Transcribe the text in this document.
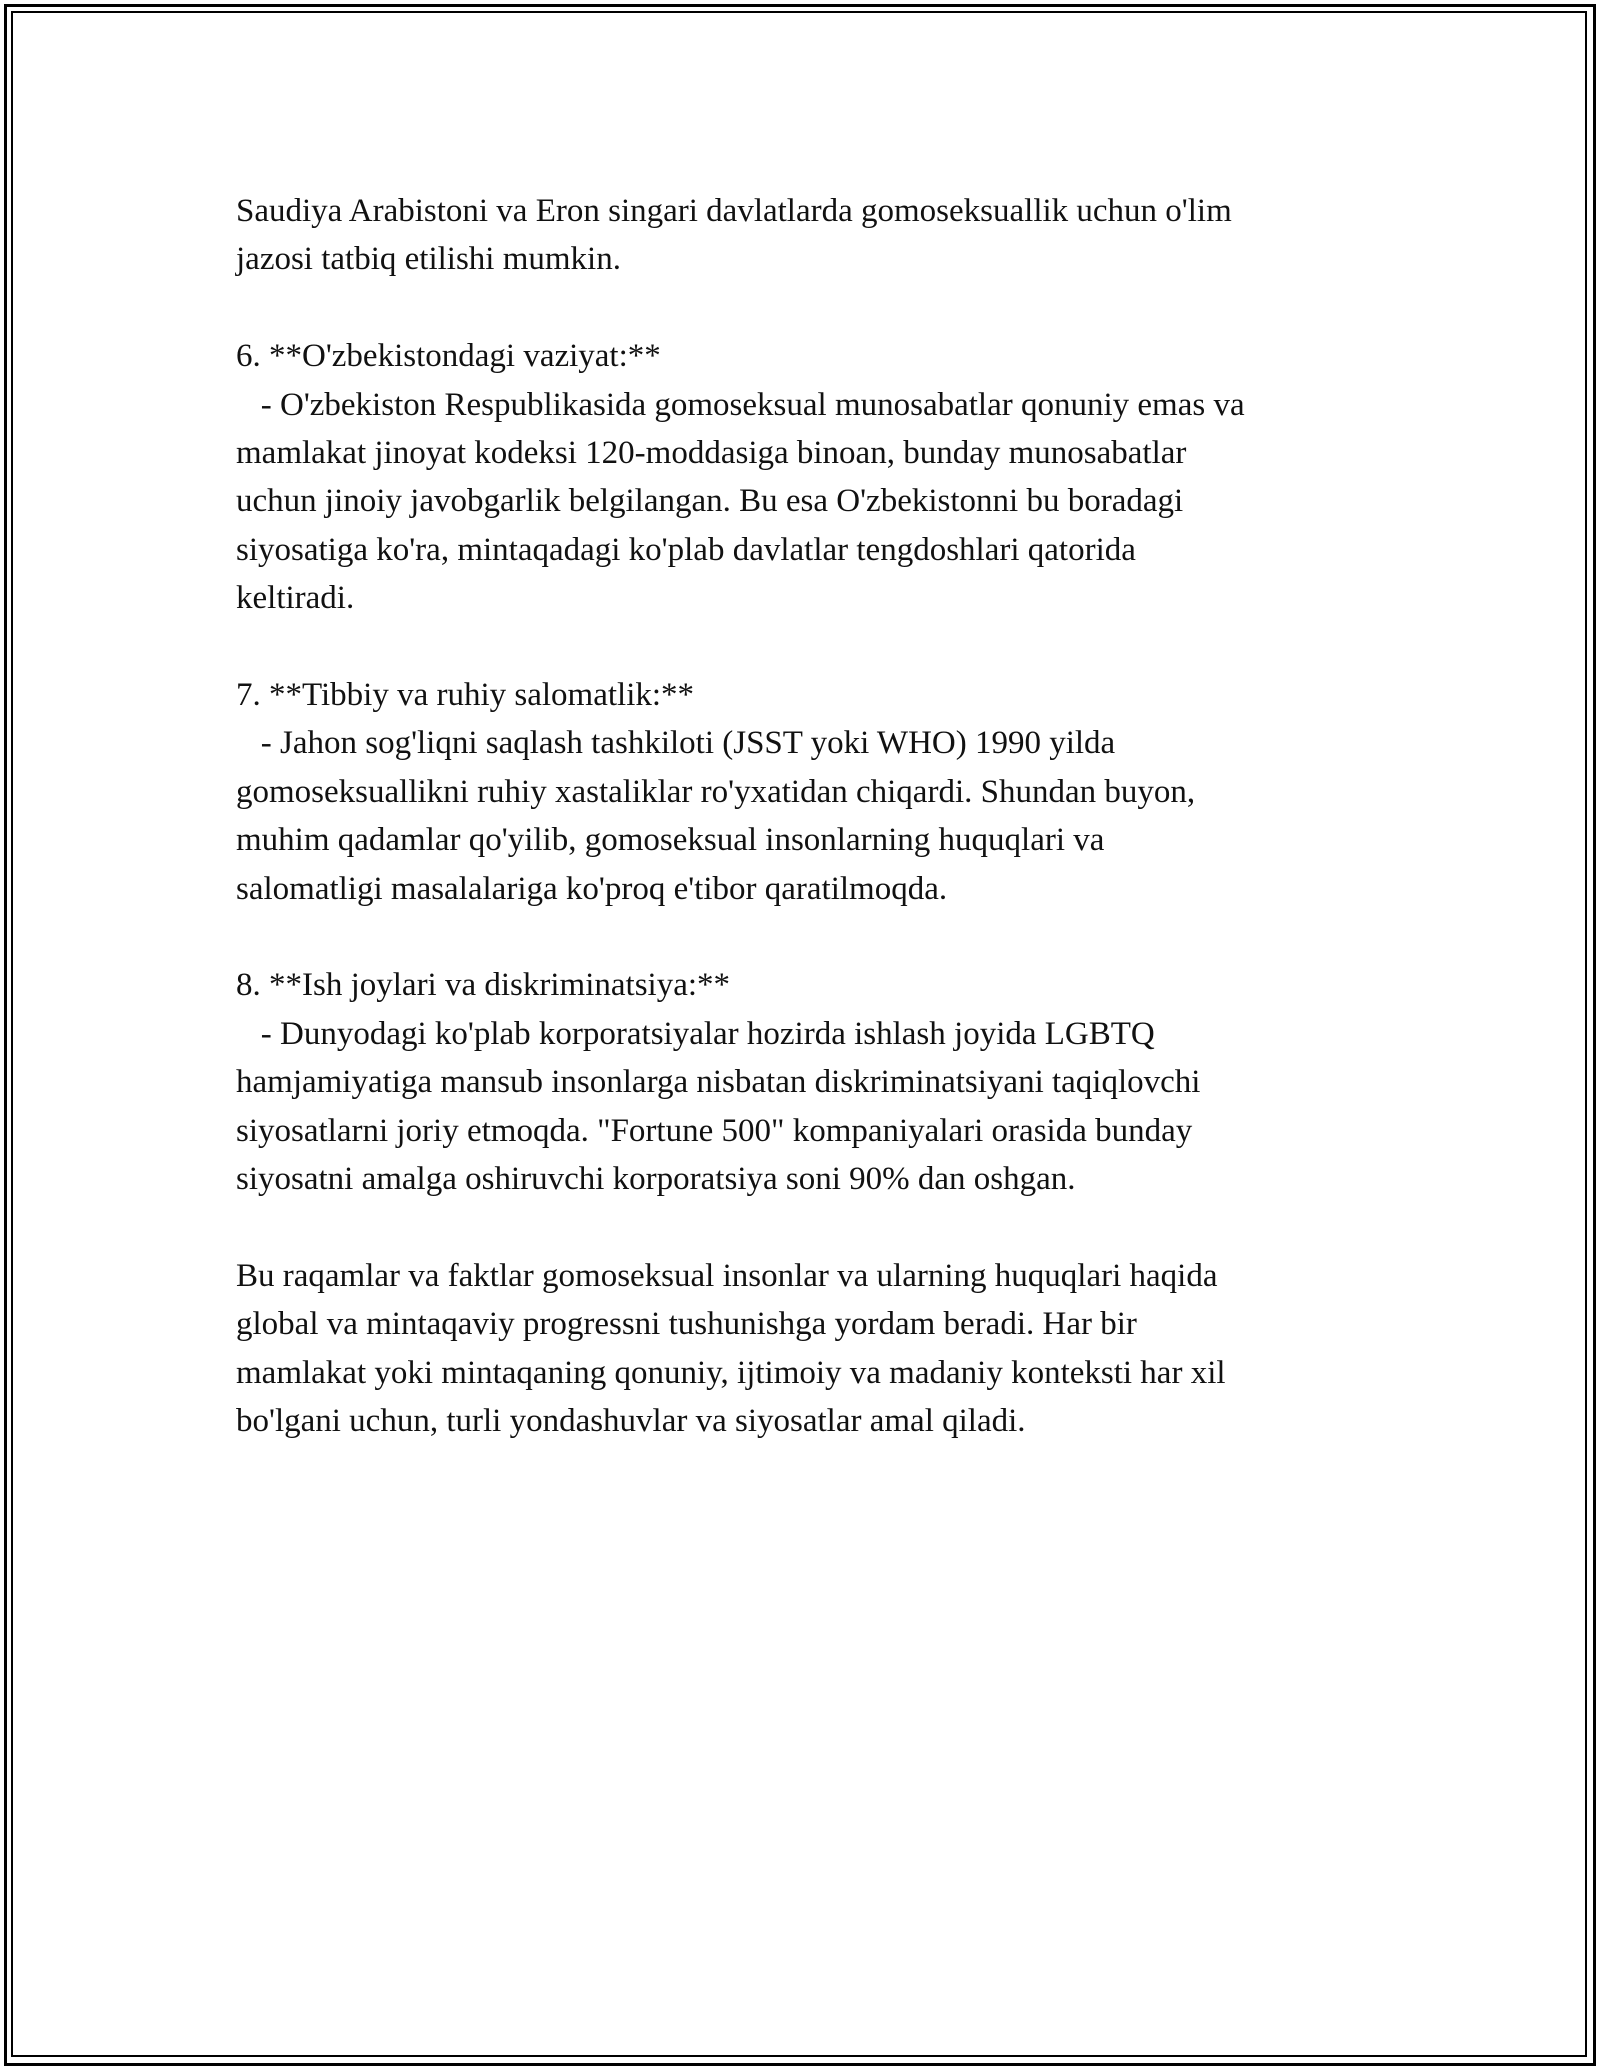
Saudiya Arabistoni va Eron singari davlatlarda gomoseksuallik uchun o'lim

jazosi tatbiq etilishi mumkin.

6. **O'zbekistondagi vaziyat:**

- O'zbekiston Respublikasida gomoseksual munosabatlar qonuniy emas va

mamlakat jinoyat kodeksi 120-moddasiga binoan, bunday munosabatlar

uchun jinoiy javobgarlik belgilangan. Bu esa O'zbekistonni bu boradagi

siyosatiga ko'ra, mintaqadagi ko'plab davlatlar tengdoshlari qatorida

keltiradi.

7. **Tibbiy va ruhiy salomatlik:**

- Jahon sog'liqni saqlash tashkiloti (JSST yoki WHO) 1990 yilda

gomoseksuallikni ruhiy xastaliklar ro'yxatidan chiqardi. Shundan buyon,

muhim qadamlar qo'yilib, gomoseksual insonlarning huquqlari va

salomatligi masalalariga ko'proq e'tibor qaratilmoqda.

8. **Ish joylari va diskriminatsiya:**

- Dunyodagi ko'plab korporatsiyalar hozirda ishlash joyida LGBTQ

hamjamiyatiga mansub insonlarga nisbatan diskriminatsiyani taqiqlovchi

siyosatlarni joriy etmoqda. "Fortune 500" kompaniyalari orasida bunday

siyosatni amalga oshiruvchi korporatsiya soni 90% dan oshgan.

Bu raqamlar va faktlar gomoseksual insonlar va ularning huquqlari haqida

global va mintaqaviy progressni tushunishga yordam beradi. Har bir

mamlakat yoki mintaqaning qonuniy, ijtimoiy va madaniy konteksti har xil

bo'lgani uchun, turli yondashuvlar va siyosatlar amal qiladi.
